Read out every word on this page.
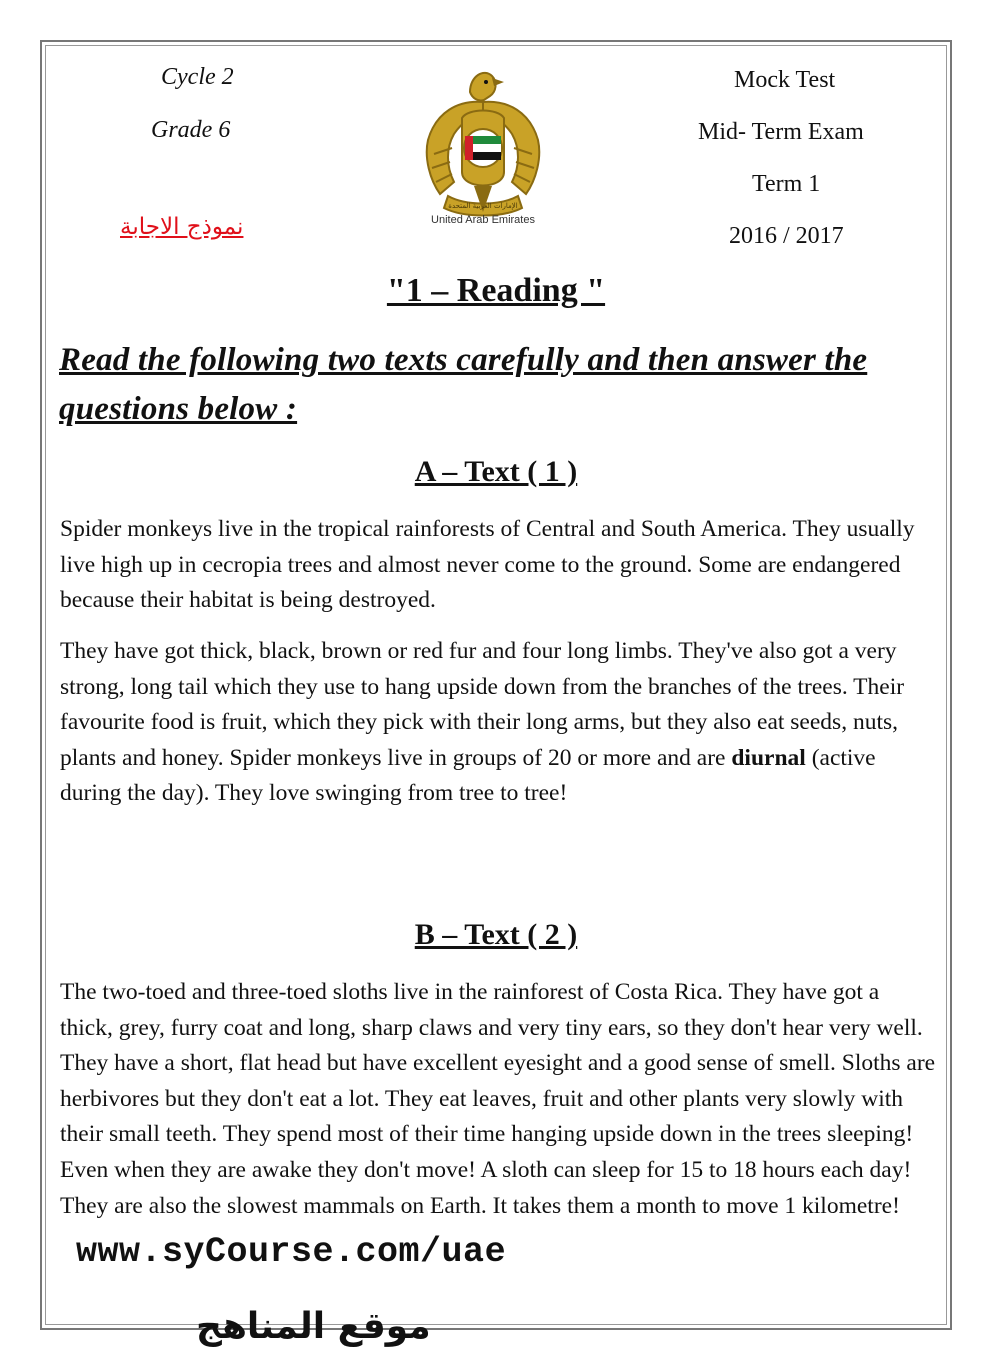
Cycle 2
Grade 6
نموذج الاجابة
الإمارات العربية المتحدة
United Arab Emirates
Mock Test
Mid- Term Exam
Term 1
2016 / 2017
"1 – Reading "
Read the following two texts carefully and then answer the questions below :
A – Text ( 1 )

Spider monkeys live in the tropical rainforests of Central and South America. They usually live high up in cecropia trees and almost never come to the ground. Some are endangered because their habitat is being destroyed.

They have got thick, black, brown or red fur and four long limbs. They've also got a very strong, long tail which they use to hang upside down from the branches of the trees. Their favourite food is fruit, which they pick with their long arms, but they also eat seeds, nuts, plants and honey. Spider monkeys live in groups of 20 or more and are diurnal (active during the day). They love swinging from tree to tree!

B – Text ( 2 )

The two-toed and three-toed sloths live in the rainforest of Costa Rica. They have got a thick, grey, furry coat and long, sharp claws and very tiny ears, so they don't hear very well. They have a short, flat head but have excellent eyesight and a good sense of smell. Sloths are herbivores but they don't eat a lot. They eat leaves, fruit and other plants very slowly with their small teeth. They spend most of their time hanging upside down in the trees sleeping! Even when they are awake they don't move! A sloth can sleep for 15 to 18 hours each day! They are also the slowest mammals on Earth. It takes them a month to move 1 kilometre!

www.syCourse.com/uae
موقع المناهج
